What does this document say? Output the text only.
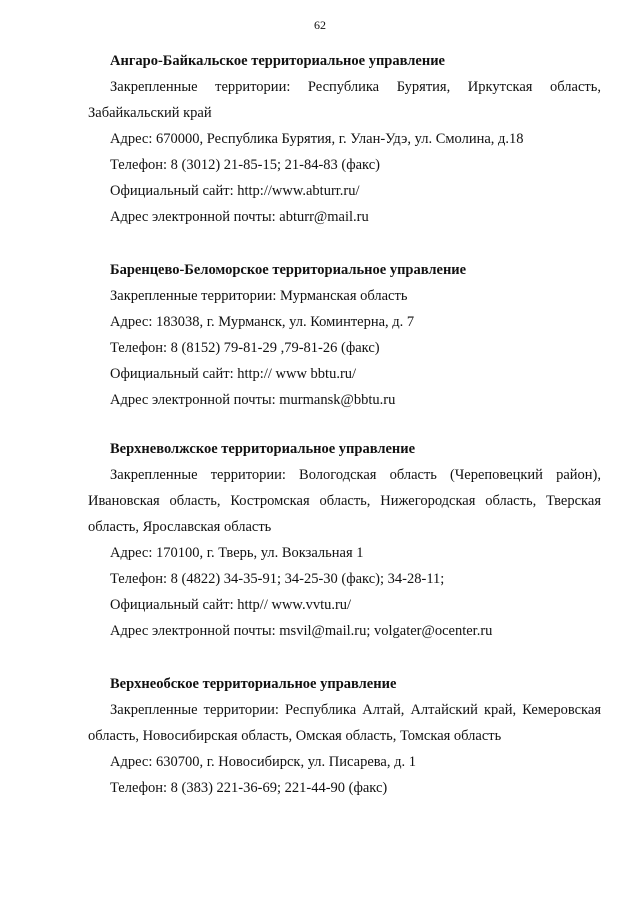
62
Ангаро-Байкальское территориальное управление
Закрепленные территории: Республика Бурятия, Иркутская область, Забайкальский край
Адрес: 670000, Республика Бурятия, г. Улан-Удэ, ул. Смолина, д.18
Телефон: 8 (3012) 21-85-15; 21-84-83 (факс)
Официальный сайт: http://www.abturr.ru/
Адрес электронной почты: abturr@mail.ru
Баренцево-Беломорское территориальное управление
Закрепленные территории: Мурманская область
Адрес: 183038, г. Мурманск, ул. Коминтерна, д. 7
Телефон: 8 (8152) 79-81-29 ,79-81-26 (факс)
Официальный сайт: http:// www bbtu.ru/
Адрес электронной почты: murmansk@bbtu.ru
Верхневолжское территориальное управление
Закрепленные территории: Вологодская область (Череповецкий район), Ивановская область, Костромская область, Нижегородская область, Тверская область, Ярославская область
Адрес: 170100, г. Тверь, ул. Вокзальная 1
Телефон: 8 (4822) 34-35-91; 34-25-30 (факс); 34-28-11;
Официальный сайт: http// www.vvtu.ru/
Адрес электронной почты: msvil@mail.ru; volgater@ocenter.ru
Верхнеобское территориальное управление
Закрепленные территории: Республика Алтай, Алтайский край, Кемеровская область, Новосибирская область, Омская область, Томская область
Адрес: 630700, г. Новосибирск, ул. Писарева, д. 1
Телефон: 8 (383) 221-36-69; 221-44-90 (факс)
